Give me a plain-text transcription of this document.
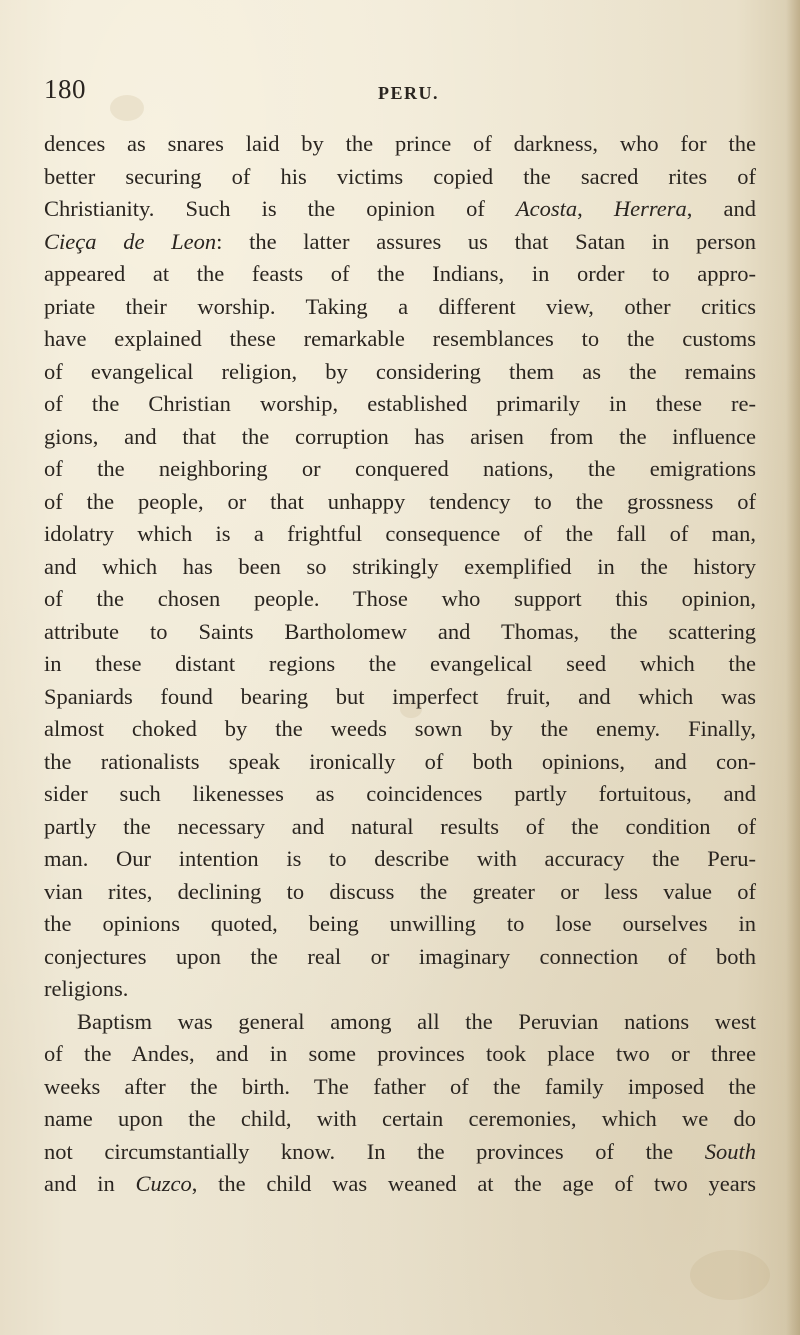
180	PERU.
dences as snares laid by the prince of darkness, who for the
better securing of his victims copied the sacred rites of
Christianity. Such is the opinion of Acosta, Herrera, and
Cieça de Leon: the latter assures us that Satan in person
appeared at the feasts of the Indians, in order to appro-
priate their worship. Taking a different view, other critics
have explained these remarkable resemblances to the customs
of evangelical religion, by considering them as the remains
of the Christian worship, established primarily in these re-
gions, and that the corruption has arisen from the influence
of the neighboring or conquered nations, the emigrations
of the people, or that unhappy tendency to the grossness of
idolatry which is a frightful consequence of the fall of man,
and which has been so strikingly exemplified in the history
of the chosen people. Those who support this opinion,
attribute to Saints Bartholomew and Thomas, the scattering
in these distant regions the evangelical seed which the
Spaniards found bearing but imperfect fruit, and which was
almost choked by the weeds sown by the enemy. Finally,
the rationalists speak ironically of both opinions, and con-
sider such likenesses as coincidences partly fortuitous, and
partly the necessary and natural results of the condition of
man. Our intention is to describe with accuracy the Peru-
vian rites, declining to discuss the greater or less value of
the opinions quoted, being unwilling to lose ourselves in
conjectures upon the real or imaginary connection of both
religions.
Baptism was general among all the Peruvian nations west
of the Andes, and in some provinces took place two or three
weeks after the birth. The father of the family imposed the
name upon the child, with certain ceremonies, which we do
not circumstantially know. In the provinces of the South
and in Cuzco, the child was weaned at the age of two years
